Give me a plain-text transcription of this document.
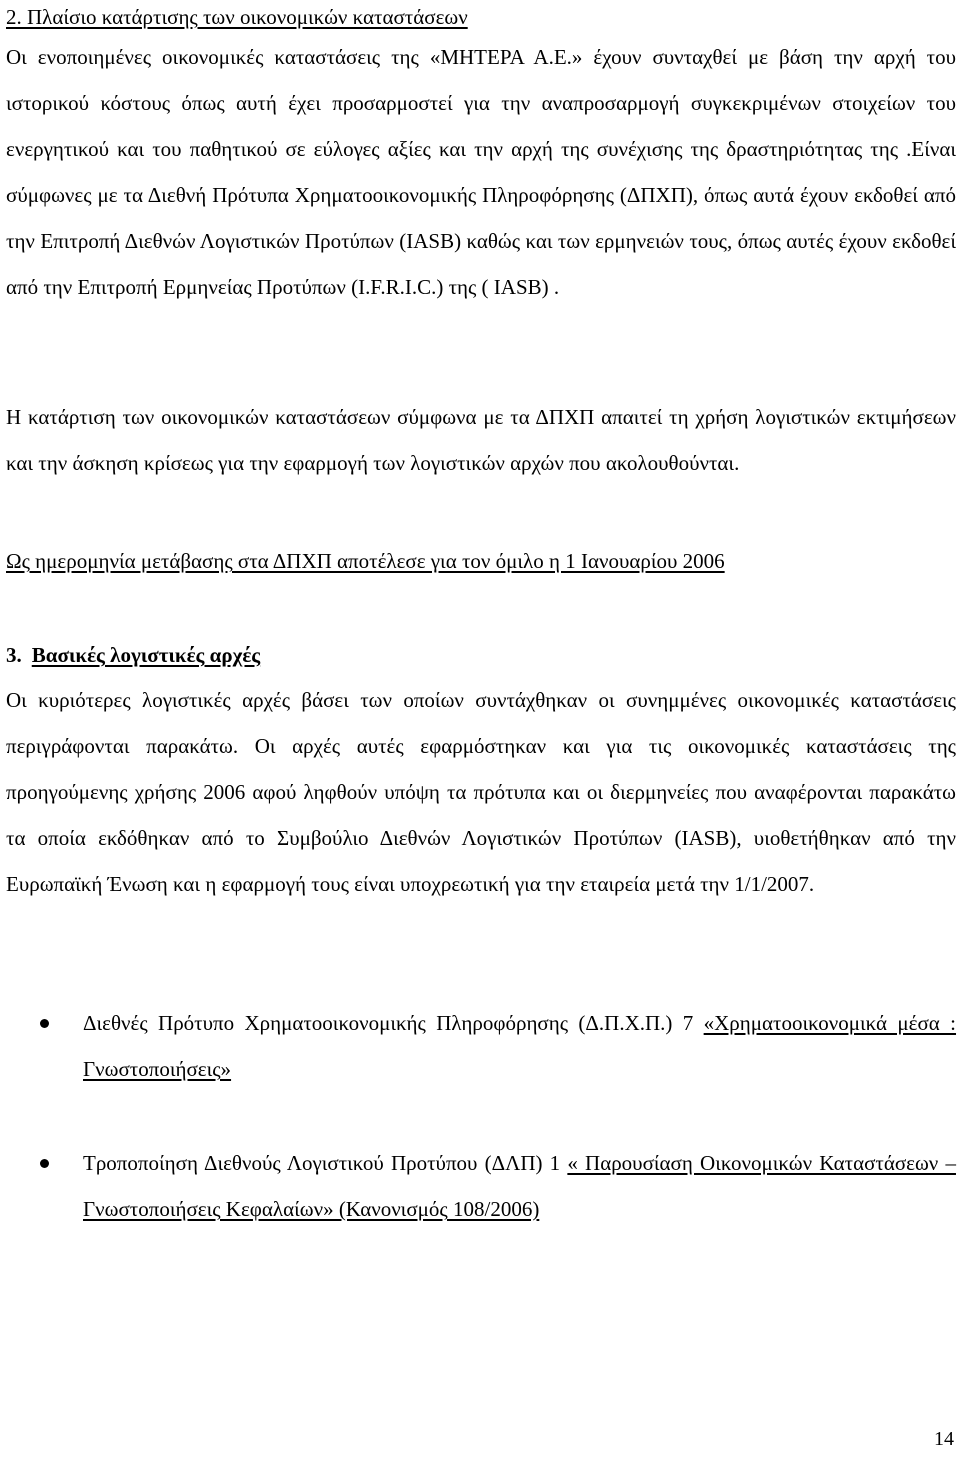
2. Πλαίσιο κατάρτισης των οικονομικών καταστάσεων

Οι ενοποιημένες οικονομικές καταστάσεις της «ΜΗΤΕΡΑ Α.Ε.» έχουν συνταχθεί με βάση την αρχή του ιστορικού κόστους όπως αυτή έχει προσαρμοστεί για την αναπροσαρμογή συγκεκριμένων στοιχείων του ενεργητικού και του παθητικού σε εύλογες αξίες και την αρχή της συνέχισης της δραστηριότητας της .Είναι σύμφωνες με τα Διεθνή Πρότυπα Χρηματοοικονομικής Πληροφόρησης (ΔΠΧΠ), όπως αυτά έχουν εκδοθεί από την Επιτροπή Διεθνών Λογιστικών Προτύπων (IASB) καθώς και των ερμηνειών τους, όπως αυτές έχουν εκδοθεί από την Επιτροπή Ερμηνείας Προτύπων (I.F.R.I.C.) της ( IASB) .

Η κατάρτιση των οικονομικών καταστάσεων σύμφωνα με τα ΔΠΧΠ απαιτεί τη χρήση λογιστικών εκτιμήσεων και την άσκηση κρίσεως για την εφαρμογή των λογιστικών αρχών που ακολουθούνται.

Ως ημερομηνία μετάβασης στα ΔΠΧΠ αποτέλεσε για τον όμιλο η 1 Ιανουαρίου 2006

3. Βασικές λογιστικές αρχές

Οι κυριότερες λογιστικές αρχές βάσει των οποίων συντάχθηκαν οι συνημμένες οικονομικές καταστάσεις περιγράφονται παρακάτω. Οι αρχές αυτές εφαρμόστηκαν και για τις οικονομικές καταστάσεις της προηγούμενης χρήσης 2006 αφού ληφθούν υπόψη τα πρότυπα και οι διερμηνείες που αναφέρονται παρακάτω τα οποία εκδόθηκαν από το Συμβούλιο Διεθνών Λογιστικών Προτύπων (IASB), υιοθετήθηκαν από την Ευρωπαϊκή Ένωση και η εφαρμογή τους είναι υποχρεωτική για την εταιρεία μετά την 1/1/2007.

Διεθνές Πρότυπο Χρηματοοικονομικής Πληροφόρησης (Δ.Π.Χ.Π.) 7 «Χρηματοοικονομικά μέσα : Γνωστοποιήσεις»
Τροποποίηση Διεθνούς Λογιστικού Προτύπου (ΔΛΠ) 1 « Παρουσίαση Οικονομικών Καταστάσεων – Γνωστοποιήσεις Κεφαλαίων» (Κανονισμός 108/2006)
14
